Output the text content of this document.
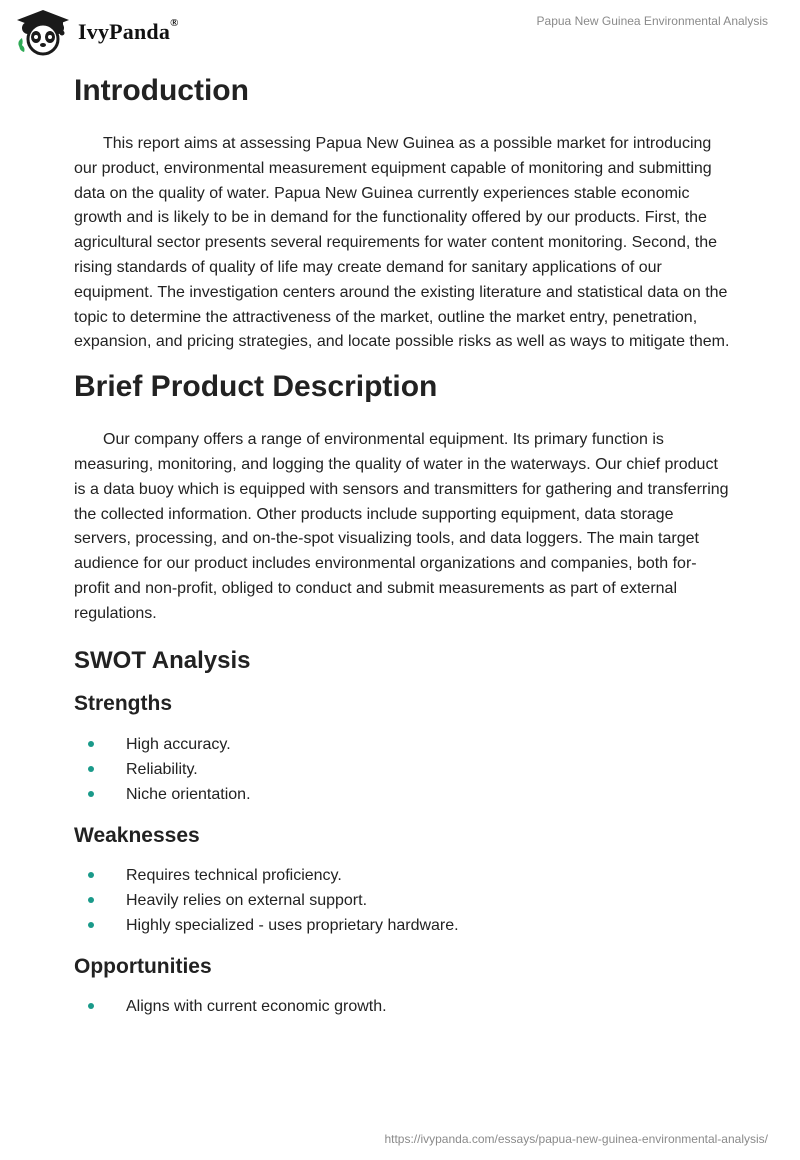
IvyPanda®	Papua New Guinea Environmental Analysis
Introduction

This report aims at assessing Papua New Guinea as a possible market for introducing our product, environmental measurement equipment capable of monitoring and submitting data on the quality of water. Papua New Guinea currently experiences stable economic growth and is likely to be in demand for the functionality offered by our products. First, the agricultural sector presents several requirements for water content monitoring. Second, the rising standards of quality of life may create demand for sanitary applications of our equipment. The investigation centers around the existing literature and statistical data on the topic to determine the attractiveness of the market, outline the market entry, penetration, expansion, and pricing strategies, and locate possible risks as well as ways to mitigate them.

Brief Product Description

Our company offers a range of environmental equipment. Its primary function is measuring, monitoring, and logging the quality of water in the waterways. Our chief product is a data buoy which is equipped with sensors and transmitters for gathering and transferring the collected information. Other products include supporting equipment, data storage servers, processing, and on-the-spot visualizing tools, and data loggers. The main target audience for our product includes environmental organizations and companies, both for-profit and non-profit, obliged to conduct and submit measurements as part of external regulations.

SWOT Analysis
Strengths
High accuracy.
Reliability.
Niche orientation.
Weaknesses
Requires technical proficiency.
Heavily relies on external support.
Highly specialized - uses proprietary hardware.
Opportunities
Aligns with current economic growth.
https://ivypanda.com/essays/papua-new-guinea-environmental-analysis/
